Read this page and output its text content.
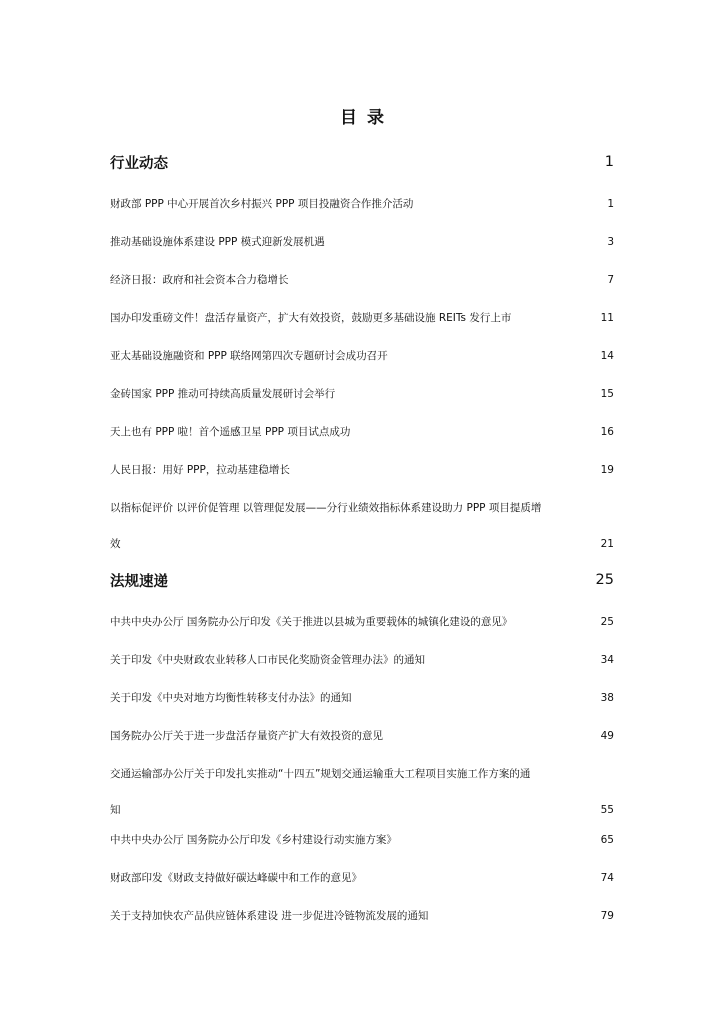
目录
行业动态	1
财政部 PPP 中心开展首次乡村振兴 PPP 项目投融资合作推介活动	1
推动基础设施体系建设 PPP 模式迎新发展机遇	3
经济日报：政府和社会资本合力稳增长	7
国办印发重磅文件！盘活存量资产，扩大有效投资，鼓励更多基础设施 REITs 发行上市	11
亚太基础设施融资和 PPP 联络网第四次专题研讨会成功召开	14
金砖国家 PPP 推动可持续高质量发展研讨会举行	15
天上也有 PPP 啦！首个遥感卫星 PPP 项目试点成功	16
人民日报：用好 PPP，拉动基建稳增长	19
以指标促评价 以评价促管理 以管理促发展——分行业绩效指标体系建设助力 PPP 项目提质增
效	21
法规速递	25
中共中央办公厅 国务院办公厅印发《关于推进以县城为重要载体的城镇化建设的意见》	25
关于印发《中央财政农业转移人口市民化奖励资金管理办法》的通知	34
关于印发《中央对地方均衡性转移支付办法》的通知	38
国务院办公厅关于进一步盘活存量资产扩大有效投资的意见	49
交通运输部办公厅关于印发扎实推动“十四五”规划交通运输重大工程项目实施工作方案的通
知	55
中共中央办公厅 国务院办公厅印发《乡村建设行动实施方案》	65
财政部印发《财政支持做好碳达峰碳中和工作的意见》	74
关于支持加快农产品供应链体系建设 进一步促进冷链物流发展的通知	79
